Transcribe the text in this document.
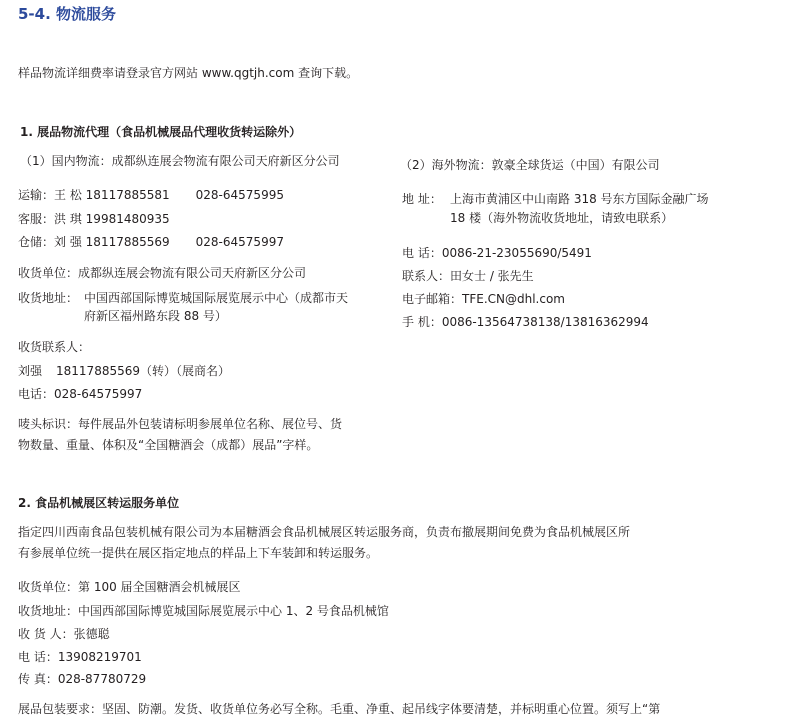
5-4. 物流服务
样品物流详细费率请登录官方网站 www.qgtjh.com 查询下载。
1. 展品物流代理（食品机械展品代理收货转运除外）
（1）国内物流：成都纵连展会物流有限公司天府新区分公司
运输：王 松 18117885581 028-64575995
客服：洪 琪 19981480935
仓储：刘 强 18117885569 028-64575997
收货单位：成都纵连展会物流有限公司天府新区分公司
收货地址： 中国西部国际博览城国际展览展示中心（成都市天
府新区福州路东段 88 号）
收货联系人：
刘强 18117885569（转）（展商名）
电话：028-64575997
唛头标识：每件展品外包装请标明参展单位名称、展位号、货
物数量、重量、体积及“全国糖酒会（成都）展品”字样。
（2）海外物流：敦豪全球货运（中国）有限公司
地 址： 上海市黄浦区中山南路 318 号东方国际金融广场
18 楼（海外物流收货地址，请致电联系）
电 话：0086-21-23055690/5491
联系人：田女士 / 张先生
电子邮箱：TFE.CN@dhl.com
手 机：0086-13564738138/13816362994
2. 食品机械展区转运服务单位
指定四川西南食品包装机械有限公司为本届糖酒会食品机械展区转运服务商，负责布撤展期间免费为食品机械展区所
有参展单位统一提供在展区指定地点的样品上下车装卸和转运服务。
收货单位：第 100 届全国糖酒会机械展区
收货地址：中国西部国际博览城国际展览展示中心 1、2 号食品机械馆
收 货 人：张德聪
电 话：13908219701
传 真：028-87780729
展品包装要求：坚固、防潮。发货、收货单位务必写全称。毛重、净重、起吊线字体要清楚，并标明重心位置。须写上“第
